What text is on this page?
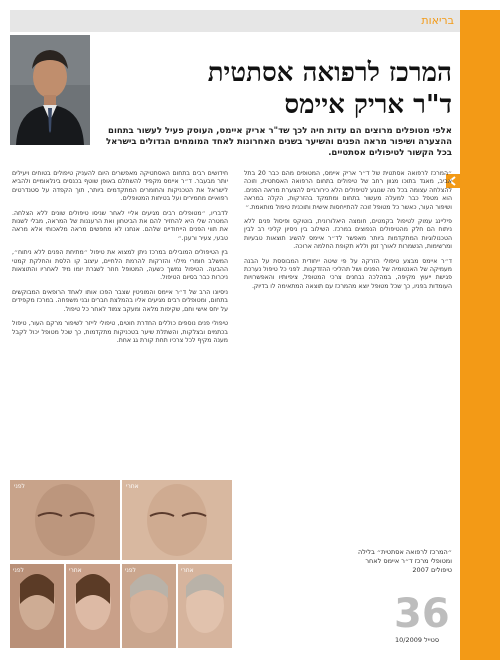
בריאות
המרכז לרפואה אסתטית
ד"ר אריק איימס
אלפי מטופלים מרוצים הם עדות חיה לכך שד"ר אריק איימס, העוסק פעיל לעשור בתחום ההצערה ושיפור מראה הפנים והשיער בשנים האחרונות לאחד המומחים הגדולים בישראל בכל הקשור לטיפולים אסתטיים.

״המרכז לרפואה אסתטית של ד״ר אריק איימס, המטופים מהם כבר 20 בתל אביב, מאגד בתוכו מגוון רחב של טיפולים בתחום הרפואה האסתטית, וזוכה להצלחה עצומה בכל מה שנוגע לטיפולים הלא כירורגיים להצערת מראה הפנים. הוא מטפל כבר למעלה מעשור בתחום ומתמקד בהזרקות, הקלה במראה ושיפור העור, כאשר כל מטופל זוכה להתייחסות אישית ותוכנית טיפול מותאמת.״

פיליינג עמוק לטיפול בקמטים, חומצה היאלורונית, בוטוקס ופיסול פנים ללא ניתוח הם חלק מהטיפולים הנפוצים במרכז. השילוב בין ניסיון קליני רב לבין הטכנולוגיות המתקדמות ביותר מאפשר לד״ר איימס להשיג תוצאות טבעיות ומרשימות, הנשמרות לאורך זמן וללא תקופת החלמה ארוכה.

ד״ר איימס מבצע טיפולי הזרקה על פי שיטה ייחודית המבוססת על הבנה מעמיקה של האנטומיה של הפנים ושל תהליכי ההזדקנות. לפני כל טיפול נערכת פגישת ייעוץ מקיפה, במהלכה נבחנים צרכי המטופל, ציפיותיו והאפשרויות העומדות בפניו, כך שכל מטופל יוצא מהמרכז עם תוצאה המתאימה לו בדיוק.

חידושים רבים בתחום האסתטיקה מאפשרים היום להעניק טיפולים בטוחים ויעילים יותר מבעבר. ד״ר איימס מקפיד להשתלם באופן שוטף בכנסים בינלאומיים ולהביא לישראל את הטכניקות והחומרים המתקדמים ביותר, תוך הקפדה על סטנדרטים רפואיים מחמירים ועל בטיחות המטופלים.

לדבריו, ״מטופלים רבים מגיעים אליי לאחר שניסו טיפולים שונים ללא הצלחה. המטרה שלי היא להחזיר להם את הביטחון ואת הרעננות של המראה, מבלי לשנות את תווי הפנים הייחודיים שלהם. אנחנו לא מחפשים מראה מלאכותי אלא מראה טבעי, צעיר ורענן.״

בין הטיפולים המובילים במרכז ניתן למצוא את טיפול ״מתיחת הפנים ללא ניתוח״, המשלב חומרי מילוי והזרקות להרמת הלחיים, עיצוב קו הלסת והחלקת קמטי ההבעה. הטיפול נמשך כשעה, המטופל חוזר לשגרת יומו מיד לאחריו והתוצאות ניכרות כבר בסיום הטיפול.

ניסיונו הרב של ד״ר איימס והמוניטין שצבר הפכו אותו לאחד הרופאים המבוקשים בתחום, ומטופלים רבים מגיעים אליו בהמלצת חברים ובני משפחה. במרכז מקפידים על יחס אישי וחם, שקיפות מלאה ומעקב צמוד לאחר כל טיפול.

טיפולי פנים נוספים כוללים החדרת חוטים, טיפולי לייזר לשיפור מרקם העור, טיפול בכתמים ובצלקות, והשתלת שיער בטכניקות מתקדמות, כך שכל מטופל יכול לקבל מענה מקיף לכל צרכיו תחת קורת גג אחת.

לפני	אחרי
לפני	אחרי	לפני	אחרי
״המרכז לרפואה אסתטית״ בלילה ומטופלי מרכז ד״ר איימס לאחר טיפולים 2007
36
סטייל 10/2009
